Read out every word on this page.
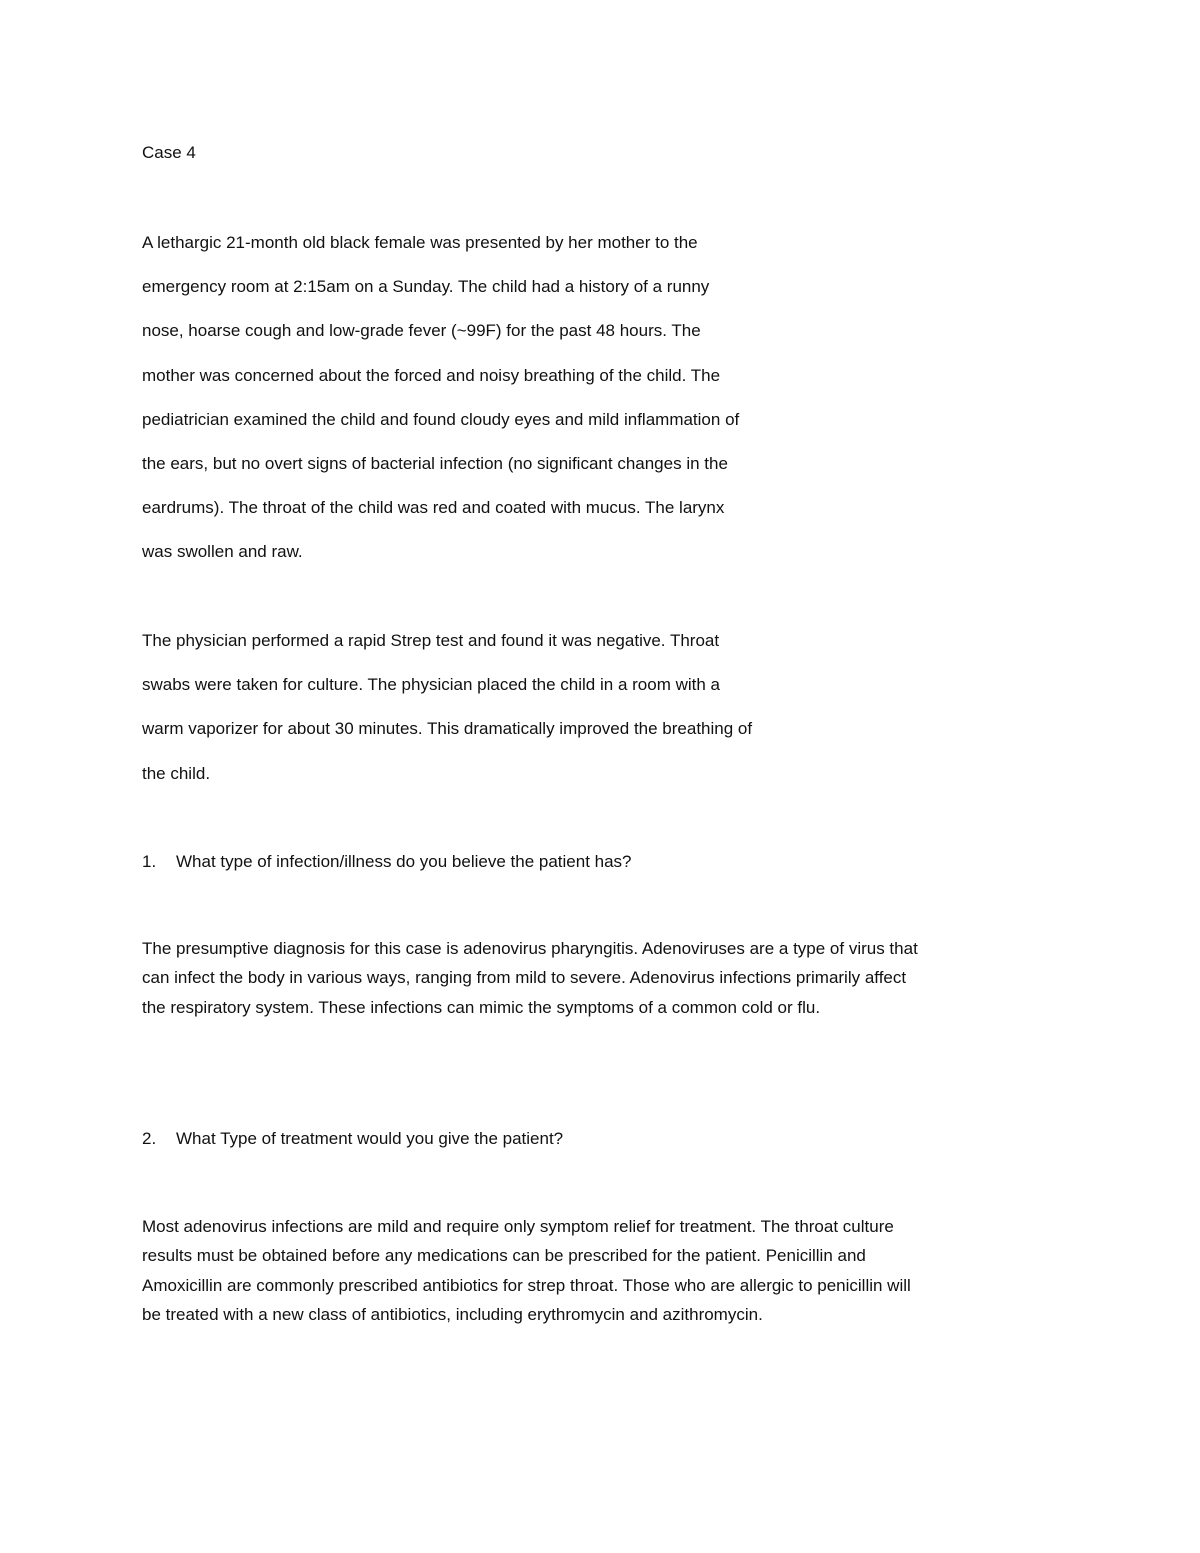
Case 4
A lethargic 21-month old black female was presented by her mother to the
emergency room at 2:15am on a Sunday. The child had a history of a runny
nose, hoarse cough and low-grade fever (~99F) for the past 48 hours. The
mother was concerned about the forced and noisy breathing of the child. The
pediatrician examined the child and found cloudy eyes and mild inflammation of
the ears, but no overt signs of bacterial infection (no significant changes in the
eardrums). The throat of the child was red and coated with mucus. The larynx
was swollen and raw.
The physician performed a rapid Strep test and found it was negative. Throat
swabs were taken for culture. The physician placed the child in a room with a
warm vaporizer for about 30 minutes. This dramatically improved the breathing of
the child.

1. What type of infection/illness do you believe the patient has?

The presumptive diagnosis for this case is adenovirus pharyngitis. Adenoviruses are a type of virus that
can infect the body in various ways, ranging from mild to severe. Adenovirus infections primarily affect
the respiratory system. These infections can mimic the symptoms of a common cold or flu.

2. What Type of treatment would you give the patient?

Most adenovirus infections are mild and require only symptom relief for treatment. The throat culture
results must be obtained before any medications can be prescribed for the patient. Penicillin and
Amoxicillin are commonly prescribed antibiotics for strep throat. Those who are allergic to penicillin will
be treated with a new class of antibiotics, including erythromycin and azithromycin.
